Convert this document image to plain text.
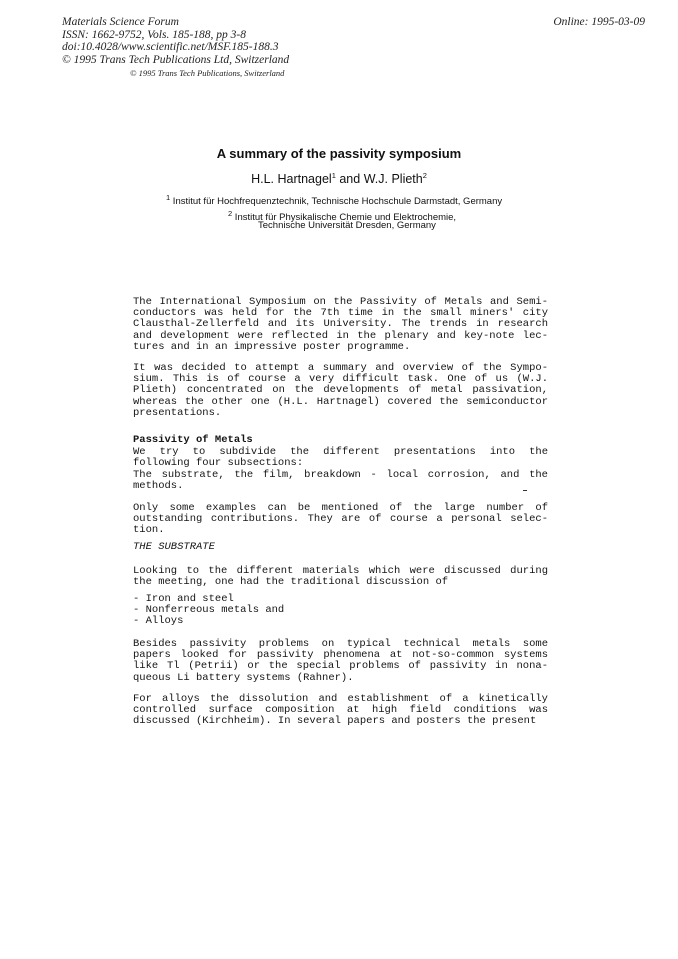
Materials Science Forum
ISSN: 1662-9752, Vols. 185-188, pp 3-8
doi:10.4028/www.scientific.net/MSF.185-188.3
© 1995 Trans Tech Publications Ltd, Switzerland
Online: 1995-03-09
© 1995 Trans Tech Publications, Switzerland
A summary of the passivity symposium
H.L. Hartnagel$^1$ and W.J. Plieth$^2$
$^1$ Institut für Hochfrequenztechnik, Technische Hochschule Darmstadt, Germany
$^2$ Institut für Physikalische Chemie und Elektrochemie,
Technische Universität Dresden, Germany
The International Symposium on the Passivity of Metals and Semi-conductors was held for the 7th time in the small miners' city Clausthal-Zellerfeld and its University. The trends in research and development were reflected in the plenary and key-note lec-tures and in an impressive poster programme.
It was decided to attempt a summary and overview of the Sympo-sium. This is of course a very difficult task. One of us (W.J. Plieth) concentrated on the developments of metal passivation, whereas the other one (H.L. Hartnagel) covered the semiconductor presentations.
Passivity of Metals
We try to subdivide the different presentations into the following four subsections:
The substrate, the film, breakdown - local corrosion, and the methods.
Only some examples can be mentioned of the large number of outstanding contributions. They are of course a personal selec-tion.
THE SUBSTRATE
Looking to the different materials which were discussed during the meeting, one had the traditional discussion of
- Iron and steel
- Nonferreous metals and
- Alloys
Besides passivity problems on typical technical metals some papers looked for passivity phenomena at not-so-common systems like Tl (Petrii) or the special problems of passivity in nona-queous Li battery systems (Rahner).
For alloys the dissolution and establishment of a kinetically controlled surface composition at high field conditions was discussed (Kirchheim). In several papers and posters the present
